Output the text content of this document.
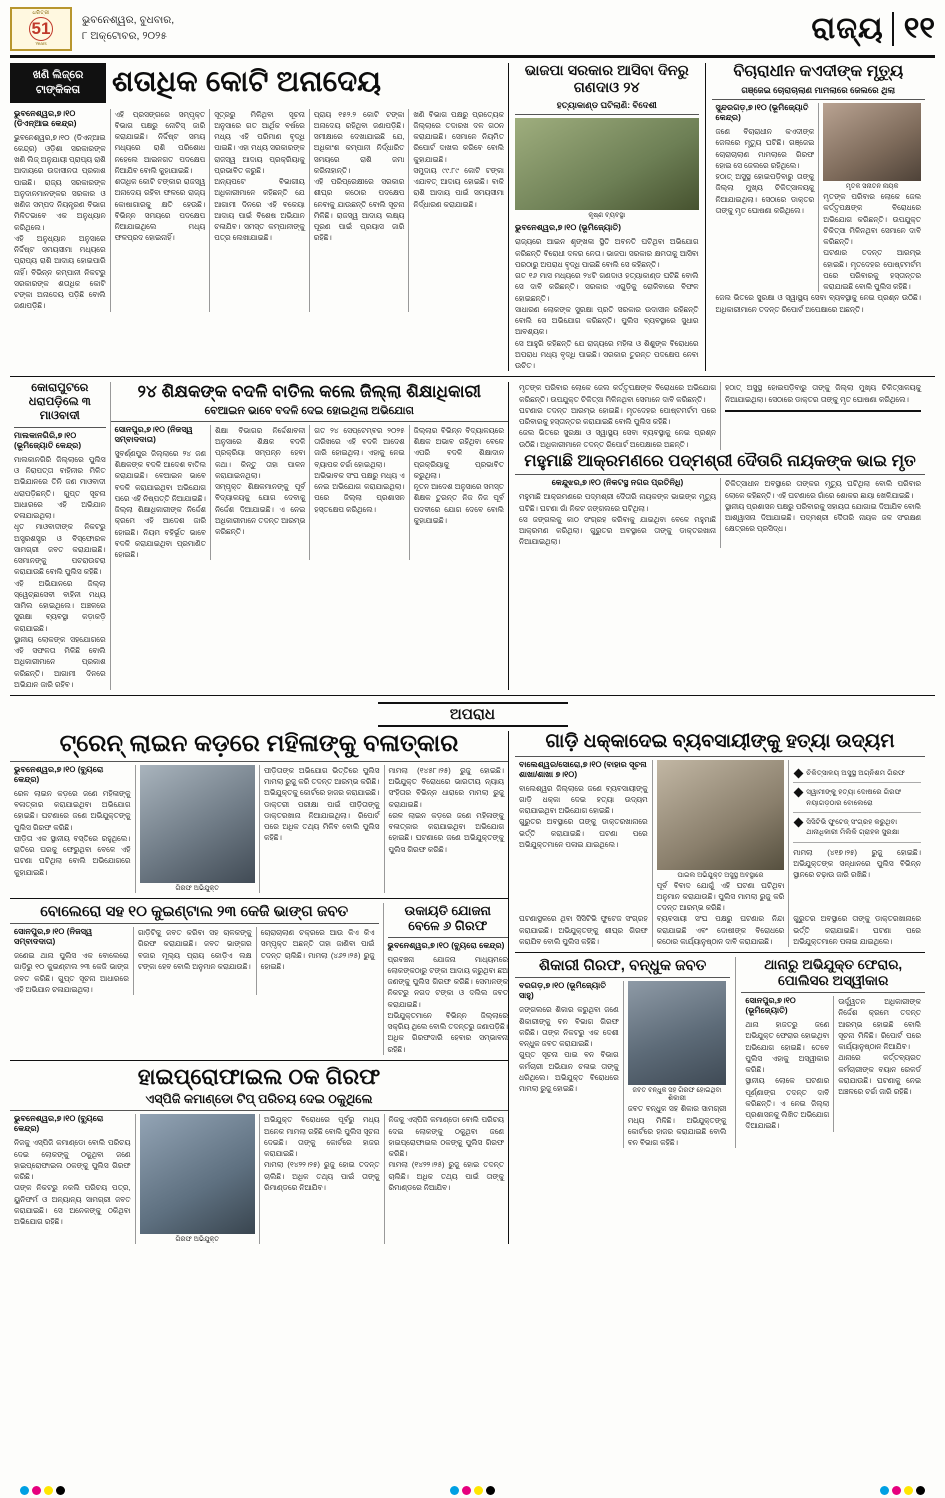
ଧରିତ୍ରୀ
51
Years
ଭୁବନେଶ୍ୱର, ବୁଧବାର,
୮ ଅକ୍ଟୋବର, ୨୦୨୫	ରାଜ୍ୟ ୧୧
ଖଣି ଲିଜ୍‌ରେ ଟାଙ୍କିକତା	ଶତାଧିକ କୋଟି ଅନାଦେୟ
ଭୁବନେଶ୍ୱର,୭।୧୦ (ଡିଏନ୍‌ଆଇ କେନ୍ଦ୍ର)
ଭୁବନେଶ୍ୱର,୭।୧୦ (ଡିଏନ୍‌ଆଇ କେନ୍ଦ୍ର) ଓଡ଼ିଶା ସରକାରଙ୍କ ଖଣି ଲିଜ୍‌ ଅନୁଯାୟୀ ପ୍ରାପ୍ୟ ରାଶି ଆଦାୟରେ ଉଦାସୀନତା ପ୍ରକାଶ ପାଇଛି। ରାଜ୍ୟ ସରକାରଙ୍କ ଅନୁଦାନମାନଙ୍କର ସରକାର ଓ ଖଣିଜ ସମ୍ପଦ ନିୟନ୍ତ୍ରଣ ବିଭାଗ ମିଳିତଭାବେ ଏକ ଅନୁଧ୍ୟାନ କରିଥିଲେ।
ଏହି ଅନୁଧ୍ୟାନ ଅନୁସାରେ ନିର୍ଦ୍ଦିଷ୍ଟ ସମୟସୀମା ମଧ୍ୟରେ ପ୍ରାପ୍ୟ ରାଶି ଆଦାୟ ହୋଇପାରି ନାହିଁ। ବିଭିନ୍ନ କମ୍ପାନୀ ନିକଟରୁ ସରକାରଙ୍କ ଶତାଧିକ କୋଟି ଟଙ୍କା ଅନାଦେୟ ପଡ଼ିଛି ବୋଲି ଜଣାପଡ଼ିଛି।
ଏହି ପ୍ରସଙ୍ଗରେ ସମ୍ପୃକ୍ତ ବିଭାଗ ପକ୍ଷରୁ ନୋଟିସ୍ ଜାରି କରାଯାଇଛି। ନିର୍ଦ୍ଦିଷ୍ଟ ସମୟ ମଧ୍ୟରେ ରାଶି ପରିଶୋଧ ନହେଲେ ଆଇନଗତ ପଦକ୍ଷେପ ନିଆଯିବ ବୋଲି କୁହାଯାଇଛି।
ଶତାଧିକ କୋଟି ଟଙ୍କାର ରାଜସ୍ୱ ଅନାଦେୟ ରହିବା ଫଳରେ ରାଜ୍ୟ କୋଷାଗାରକୁ କ୍ଷତି ହେଉଛି। ବିଭିନ୍ନ ସମୟରେ ପଦକ୍ଷେପ ନିଆଯାଇଥିଲେ ମଧ୍ୟ ଫଳପ୍ରଦ ହୋଇନାହିଁ।
ସୂତ୍ରରୁ ମିଳିଥିବା ସୂଚନା ଅନୁସାରେ ଗତ ଆର୍ଥିକ ବର୍ଷରେ ମଧ୍ୟ ଏହି ପରିମାଣ ବୃଦ୍ଧି ପାଇଛି। ଏହା ମଧ୍ୟ ସରକାରଙ୍କ ରାଜସ୍ୱ ଆଦାୟ ପ୍ରକ୍ରିୟାକୁ ପ୍ରଭାବିତ କରୁଛି।
ଅନ୍ୟପଟେ ବିଭାଗୀୟ ଅଧିକାରୀମାନେ କହିଛନ୍ତି ଯେ ଆଗାମୀ ଦିନରେ ଏହି ବକେୟା ଆଦାୟ ପାଇଁ ବିଶେଷ ଅଭିଯାନ ଚଳାଯିବ। ସମସ୍ତ କମ୍ପାନୀଙ୍କୁ ପତ୍ର ଲେଖାଯାଇଛି।
ପ୍ରାୟ ୧୫୨.୨ କୋଟି ଟଙ୍କା ଅନାଦେୟ ରହିଥିବା ଜଣାପଡ଼ିଛି। ସମୀକ୍ଷାରେ ଦେଖାଯାଇଛି ଯେ, ଅଧିକାଂଶ କମ୍ପାନୀ ନିର୍ଦ୍ଧାରିତ ସମୟରେ ରାଶି ଜମା କରିନାହାନ୍ତି।
ଏହି ପରିପ୍ରେକ୍ଷୀରେ ସରକାର ଶୀଘ୍ର କଠୋର ପଦକ୍ଷେପ ନେବାକୁ ଯାଉଛନ୍ତି ବୋଲି ସୂଚନା ମିଳିଛି। ରାଜସ୍ୱ ଆଦାୟ ଲକ୍ଷ୍ୟ ପୂରଣ ପାଇଁ ପ୍ରୟାସ ଜାରି ରହିଛି।
ଖଣି ବିଭାଗ ପକ୍ଷରୁ ପ୍ରତ୍ୟେକ ଜିଲ୍ଲାରେ ତଦାରଖ ଦଳ ଗଠନ କରାଯାଇଛି। ସେମାନେ ନିୟମିତ ରିପୋର୍ଟ ଦାଖଲ କରିବେ ବୋଲି କୁହାଯାଇଛି।
ସମୁଦାୟ ୯୯.୮୯ କୋଟି ଟଙ୍କା ଏଯାବତ୍ ଆଦାୟ ହୋଇଛି। ବାକି ରାଶି ଆଦାୟ ପାଇଁ ସମୟସୀମା ନିର୍ଦ୍ଧାରଣ କରାଯାଇଛି।
ଭାଜପା ସରକାର ଆସିବା ଦିନରୁ ଗଣଦାଓ ୨୪
ହତ୍ୟାକାଣ୍ଡ ଘଟିଲାଣି: ବିଦେଶୀ
କୃଷ୍ଣ ବ୍ୟବସ୍ଥା
ଭୁବନେଶ୍ୱର,୭।୧୦ (ଭୂମିଜ୍ୟୋତି)
ରାଜ୍ୟରେ ଆଇନ ଶୃଙ୍ଖଳା ସ୍ଥିତି ଅବନତି ଘଟିଥିବା ଅଭିଯୋଗ କରିଛନ୍ତି ବିରୋଧୀ ଦଳର ନେତା। ଭାଜପା ସରକାର କ୍ଷମତାକୁ ଆସିବା ପରଠାରୁ ଅପରାଧ ବୃଦ୍ଧି ପାଇଛି ବୋଲି ସେ କହିଛନ୍ତି।
ଗତ ୧୬ ମାସ ମଧ୍ୟରେ ୨୪ଟି ଗଣଦାଓ ହତ୍ୟାକାଣ୍ଡ ଘଟିଛି ବୋଲି ସେ ଦାବି କରିଛନ୍ତି। ସରକାର ଏଗୁଡ଼ିକୁ ରୋକିବାରେ ବିଫଳ ହୋଇଛନ୍ତି।
ସାଧାରଣ ଲୋକଙ୍କ ସୁରକ୍ଷା ପ୍ରତି ସରକାର ଉଦାସୀନ ରହିଛନ୍ତି ବୋଲି ସେ ଅଭିଯୋଗ କରିଛନ୍ତି। ପୁଲିସ ବ୍ୟବସ୍ଥାରେ ସୁଧାର ଆବଶ୍ୟକ।
ସେ ଆହୁରି କହିଛନ୍ତି ଯେ ରାଜ୍ୟରେ ମହିଳା ଓ ଶିଶୁଙ୍କ ବିରୋଧରେ ଅପରାଧ ମଧ୍ୟ ବୃଦ୍ଧି ପାଇଛି। ସରକାର ତୁରନ୍ତ ପଦକ୍ଷେପ ନେବା ଉଚିତ।
ବିଚାରାଧୀନ କଏଦୀଙ୍କ ମୃତ୍ୟୁ
ଗଞ୍ଜେଇ ଚୋରାଚାଲାଣ ମାମଲାରେ ଜେଲରେ ଥିଲା
ସୁନ୍ଦରଗଡ଼,୭।୧୦ (ଭୂମିଜ୍ୟୋତି କେନ୍ଦ୍ର)
ଜଣେ ବିଚାରାଧୀନ କଏଦୀଙ୍କ ଜେଲରେ ମୃତ୍ୟୁ ଘଟିଛି। ଗଞ୍ଜେଇ ଚୋରାଚାଲାଣ ମାମଲାରେ ଗିରଫ ହୋଇ ସେ ଜେଲରେ ରହିଥିଲେ।
ହଠାତ୍ ଅସୁସ୍ଥ ହୋଇପଡ଼ିବାରୁ ତାଙ୍କୁ ଜିଲ୍ଲା ମୁଖ୍ୟ ଚିକିତ୍ସାଳୟକୁ ନିଆଯାଇଥିଲା। ସେଠାରେ ଡାକ୍ତର ତାଙ୍କୁ ମୃତ ଘୋଷଣା କରିଥିଲେ।
ମୃତକ ସନାତନ ନାୟକ
ମୃତଙ୍କ ପରିବାର ଲୋକେ ଜେଲ କର୍ତ୍ତୃପକ୍ଷଙ୍କ ବିରୋଧରେ ଅଭିଯୋଗ କରିଛନ୍ତି। ଉପଯୁକ୍ତ ଚିକିତ୍ସା ମିଳିନଥିବା ସେମାନେ ଦାବି କରିଛନ୍ତି।
ଘଟଣାର ତଦନ୍ତ ଆରମ୍ଭ ହୋଇଛି। ମୃତଦେହର ପୋଷ୍ଟମର୍ଟମ ପରେ ପରିବାରକୁ ହସ୍ତାନ୍ତର କରାଯାଇଛି ବୋଲି ପୁଲିସ କହିଛି।
ଜେଲ ଭିତରେ ସୁରକ୍ଷା ଓ ସ୍ୱାସ୍ଥ୍ୟ ସେବା ବ୍ୟବସ୍ଥାକୁ ନେଇ ପ୍ରଶ୍ନ ଉଠିଛି। ଅଧିକାରୀମାନେ ତଦନ୍ତ ରିପୋର୍ଟ ଅପେକ୍ଷାରେ ଅଛନ୍ତି।
କୋରାପୁଟରେ ଧରାପଡ଼ିଲେ ୩ ମାଓବାଦୀ
ମାଲକାନଗିରି,୭।୧୦ (ଭୂମିଜ୍ୟୋତି କେନ୍ଦ୍ର)
ମାଲକାନଗିରି ଜିଲ୍ଲାରେ ପୁଲିସ ଓ ନିରାପତ୍ତା ବାହିନୀର ମିଳିତ ଅଭିଯାନରେ ତିନି ଜଣ ମାଓବାଦୀ ଧରାପଡ଼ିଛନ୍ତି। ଗୁପ୍ତ ସୂଚନା ଆଧାରରେ ଏହି ଅଭିଯାନ ଚଳାଯାଇଥିଲା।
ଧୃତ ମାଓବାଦୀଙ୍କ ନିକଟରୁ ଅସ୍ତ୍ରଶସ୍ତ୍ର ଓ ବିସ୍ଫୋରକ ସାମଗ୍ରୀ ଜବତ କରାଯାଇଛି। ସେମାନଙ୍କୁ ପଚରାଉଚରା କରାଯାଉଛି ବୋଲି ପୁଲିସ କହିଛି।
ଏହି ଅଭିଯାନରେ ଜିଲ୍ଲା ସ୍ୱେଚ୍ଛାସେବୀ ବାହିନୀ ମଧ୍ୟ ସାମିଲ ହୋଇଥିଲେ। ଅଞ୍ଚଳରେ ସୁରକ୍ଷା ବ୍ୟବସ୍ଥା କଡ଼ାକଡ଼ି କରାଯାଇଛି।
ସ୍ଥାନୀୟ ଲୋକଙ୍କ ସହଯୋଗରେ ଏହି ସଫଳତା ମିଳିଛି ବୋଲି ଅଧିକାରୀମାନେ ପ୍ରକାଶ କରିଛନ୍ତି। ଆଗାମୀ ଦିନରେ ଅଭିଯାନ ଜାରି ରହିବ।
୨୪ ଶିକ୍ଷକଙ୍କ ବଦଳି ବାତିଲ କଲେ ଜିଲ୍ଲା ଶିକ୍ଷାଧିକାରୀ
ବେଆଇନ ଭାବେ ବଦଳି ଦେଇ ହୋଇଥିଲା ଅଭିଯୋଗ
ସୋନପୁର,୭।୧୦ (ନିଜସ୍ୱ ସମ୍ବାଦଦାତା)
ସୁବର୍ଣ୍ଣପୁର ଜିଲ୍ଲାରେ ୨୪ ଜଣ ଶିକ୍ଷକଙ୍କ ବଦଳି ଆଦେଶ ବାତିଲ କରାଯାଇଛି। ବେଆଇନ ଭାବେ ବଦଳି କରାଯାଇଥିବା ଅଭିଯୋଗ ପରେ ଏହି ନିଷ୍ପତ୍ତି ନିଆଯାଇଛି।
ଜିଲ୍ଲା ଶିକ୍ଷାଧିକାରୀଙ୍କ ନିର୍ଦ୍ଦେଶ କ୍ରମେ ଏହି ଆଦେଶ ଜାରି ହୋଇଛି। ନିୟମ ବହିର୍ଭୂତ ଭାବେ ବଦଳି କରାଯାଇଥିବା ପ୍ରମାଣିତ ହୋଇଛି।
ଶିକ୍ଷା ବିଭାଗର ନିର୍ଦ୍ଦେଶାବଳୀ ଅନୁସାରେ ଶିକ୍ଷକ ବଦଳି ପ୍ରକ୍ରିୟା ସମ୍ପନ୍ନ ହେବା କଥା। କିନ୍ତୁ ତାହା ପାଳନ କରାଯାଇନଥିଲା।
ସମ୍ପୃକ୍ତ ଶିକ୍ଷକମାନଙ୍କୁ ପୂର୍ବ ବିଦ୍ୟାଳୟକୁ ଯୋଗ ଦେବାକୁ ନିର୍ଦ୍ଦେଶ ଦିଆଯାଇଛି। ଏ ନେଇ ଅଧିକାରୀମାନେ ତଦନ୍ତ ଆରମ୍ଭ କରିଛନ୍ତି।
ଗତ ୨୪ ସେପ୍ଟେମ୍ବର ୨୦୨୫ ତାରିଖରେ ଏହି ବଦଳି ଆଦେଶ ଜାରି ହୋଇଥିଲା। ଏହାକୁ ନେଇ ବ୍ୟାପକ ଚର୍ଚ୍ଚା ହୋଇଥିଲା।
ଅଭିଭାବକ ସଂଘ ପକ୍ଷରୁ ମଧ୍ୟ ଏ ନେଇ ଅଭିଯୋଗ କରାଯାଇଥିଲା। ପରେ ଜିଲ୍ଲା ପ୍ରଶାସନ ହସ୍ତକ୍ଷେପ କରିଥିଲେ।
ଜିଲ୍ଲାର ବିଭିନ୍ନ ବିଦ୍ୟାଳୟରେ ଶିକ୍ଷକ ଅଭାବ ରହିଥିବା ବେଳେ ଏପରି ବଦଳି ଶିକ୍ଷାଦାନ ପ୍ରକ୍ରିୟାକୁ ପ୍ରଭାବିତ କରୁଥିଲା।
ନୂତନ ଆଦେଶ ଅନୁସାରେ ସମସ୍ତ ଶିକ୍ଷକ ତୁରନ୍ତ ନିଜ ନିଜ ପୂର୍ବ ପଦବୀରେ ଯୋଗ ଦେବେ ବୋଲି କୁହାଯାଇଛି।
ମୃତଙ୍କ ପରିବାର ଲୋକେ ଜେଲ କର୍ତ୍ତୃପକ୍ଷଙ୍କ ବିରୋଧରେ ଅଭିଯୋଗ କରିଛନ୍ତି। ଉପଯୁକ୍ତ ଚିକିତ୍ସା ମିଳିନଥିବା ସେମାନେ ଦାବି କରିଛନ୍ତି।
ଘଟଣାର ତଦନ୍ତ ଆରମ୍ଭ ହୋଇଛି। ମୃତଦେହର ପୋଷ୍ଟମର୍ଟମ ପରେ ପରିବାରକୁ ହସ୍ତାନ୍ତର କରାଯାଇଛି ବୋଲି ପୁଲିସ କହିଛି।
ଜେଲ ଭିତରେ ସୁରକ୍ଷା ଓ ସ୍ୱାସ୍ଥ୍ୟ ସେବା ବ୍ୟବସ୍ଥାକୁ ନେଇ ପ୍ରଶ୍ନ ଉଠିଛି। ଅଧିକାରୀମାନେ ତଦନ୍ତ ରିପୋର୍ଟ ଅପେକ୍ଷାରେ ଅଛନ୍ତି।
ହଠାତ୍ ଅସୁସ୍ଥ ହୋଇପଡ଼ିବାରୁ ତାଙ୍କୁ ଜିଲ୍ଲା ମୁଖ୍ୟ ଚିକିତ୍ସାଳୟକୁ ନିଆଯାଇଥିଲା। ସେଠାରେ ଡାକ୍ତର ତାଙ୍କୁ ମୃତ ଘୋଷଣା କରିଥିଲେ।
ମହୁମାଛି ଆକ୍ରମଣରେ ପଦ୍ମଶ୍ରୀ ଦୈତାରି ନାୟକଙ୍କ ଭାଇ ମୃତ
କେନ୍ଦୁଝର,୭।୧୦ (ନିକଟସ୍ଥ ନଗର ପ୍ରତିନିଧି)
ମହୁମାଛି ଆକ୍ରମଣରେ ପଦ୍ମଶ୍ରୀ ଦୈତାରି ନାୟକଙ୍କ ଭାଇଙ୍କ ମୃତ୍ୟୁ ଘଟିଛି। ଘଟଣା ଗାଁ ନିକଟ ଜଙ୍ଗଲରେ ଘଟିଥିଲା।
ସେ ଜଙ୍ଗଲକୁ କାଠ ସଂଗ୍ରହ କରିବାକୁ ଯାଇଥିବା ବେଳେ ମହୁମାଛି ଆକ୍ରମଣ କରିଥିଲା। ଗୁରୁତର ଅବସ୍ଥାରେ ତାଙ୍କୁ ଡାକ୍ତରଖାନା ନିଆଯାଇଥିଲା।
ଚିକିତ୍ସାଧୀନ ଅବସ୍ଥାରେ ତାଙ୍କର ମୃତ୍ୟୁ ଘଟିଥିଲା ବୋଲି ପରିବାର ଲୋକେ କହିଛନ୍ତି। ଏହି ଘଟଣାରେ ଗାଁରେ ଶୋକର ଛାୟା ଖେଳିଯାଇଛି।
ସ୍ଥାନୀୟ ପ୍ରଶାସନ ପକ୍ଷରୁ ପରିବାରକୁ ସହାୟତା ଯୋଗାଇ ଦିଆଯିବ ବୋଲି ଆଶ୍ୱାସନା ଦିଆଯାଇଛି। ପଦ୍ମଶ୍ରୀ ଦୈତାରି ନାୟକ ଜଳ ସଂରକ୍ଷଣ କ୍ଷେତ୍ରରେ ପ୍ରସିଦ୍ଧ।
ଅପରାଧ
ଟ୍ରେନ୍ ଲାଇନ କଡ଼ରେ ମହିଳାଙ୍କୁ ବଳାତ୍କାର
ଭୁବନେଶ୍ୱର,୭।୧୦ (ବ୍ୟୁରୋ କେନ୍ଦ୍ର)
ରେଳ ଲାଇନ କଡ଼ରେ ଜଣେ ମହିଳାଙ୍କୁ ବଳାତ୍କାର କରାଯାଇଥିବା ଅଭିଯୋଗ ହୋଇଛି। ଘଟଣାରେ ଜଣେ ଅଭିଯୁକ୍ତଙ୍କୁ ପୁଲିସ ଗିରଫ କରିଛି।
ପୀଡ଼ିତା ଏକ ସ୍ଥାନୀୟ ବସ୍ତିରେ ରହୁଥିଲେ। ରାତିରେ ଘରକୁ ଫେରୁଥିବା ବେଳେ ଏହି ଘଟଣା ଘଟିଥିଲା ବୋଲି ଅଭିଯୋଗରେ କୁହାଯାଇଛି।
ଗିରଫ ଅଭିଯୁକ୍ତ
ପୀଡ଼ିତାଙ୍କ ଅଭିଯୋଗ ଭିତ୍ତିରେ ପୁଲିସ ମାମଲା ରୁଜୁ କରି ତଦନ୍ତ ଆରମ୍ଭ କରିଛି। ଅଭିଯୁକ୍ତକୁ କୋର୍ଟରେ ହାଜର କରାଯାଇଛି।
ଡାକ୍ତରୀ ପରୀକ୍ଷା ପାଇଁ ପୀଡ଼ିତାଙ୍କୁ ଡାକ୍ତରଖାନା ନିଆଯାଇଥିଲା। ରିପୋର୍ଟ ପରେ ଅଧିକ ତଥ୍ୟ ମିଳିବ ବୋଲି ପୁଲିସ କହିଛି।
ମାମଲା (୧୪୫୮।୨୫) ରୁଜୁ ହୋଇଛି। ଅଭିଯୁକ୍ତ ବିରୋଧରେ ଭାରତୀୟ ନ୍ୟାୟ ସଂହିତାର ବିଭିନ୍ନ ଧାରାରେ ମାମଲା ରୁଜୁ କରାଯାଇଛି।
ରେଳ ଲାଇନ କଡ଼ରେ ଜଣେ ମହିଳାଙ୍କୁ ବଳାତ୍କାର କରାଯାଇଥିବା ଅଭିଯୋଗ ହୋଇଛି। ଘଟଣାରେ ଜଣେ ଅଭିଯୁକ୍ତଙ୍କୁ ପୁଲିସ ଗିରଫ କରିଛି।
ବୋଲେରୋ ସହ ୧୦ କୁଇଣ୍ଟାଲ ୨୩ କେଜି ଭାଙ୍ଗ ଜବତ
ସୋନପୁର,୭।୧୦ (ନିଜସ୍ୱ ସମ୍ବାଦଦାତା)
ଜଣେଇ ଥାନା ପୁଲିସ ଏକ ବୋଲେରୋ ଗାଡ଼ିରୁ ୧୦ କୁଇଣ୍ଟାଲ ୨୩ କେଜି ଭାଙ୍ଗ ଜବତ କରିଛି। ଗୁପ୍ତ ସୂଚନା ଆଧାରରେ ଏହି ଅଭିଯାନ ଚଳାଯାଇଥିଲା।
ଗାଡ଼ିଟିକୁ ଜବତ କରିବା ସହ ଚାଳକଙ୍କୁ ଗିରଫ କରାଯାଇଛି। ଜବତ ଭାଙ୍ଗର ବଜାର ମୂଲ୍ୟ ପ୍ରାୟ କୋଡ଼ିଏ ଲକ୍ଷ ଟଙ୍କା ହେବ ବୋଲି ଅନୁମାନ କରାଯାଉଛି।
ଚୋରାଚାଲାଣ ଚକ୍ରରେ ଆଉ କିଏ କିଏ ସମ୍ପୃକ୍ତ ଅଛନ୍ତି ତାହା ଜାଣିବା ପାଇଁ ତଦନ୍ତ ଚାଲିଛି। ମାମଲା (୪୬୨।୨୫) ରୁଜୁ ହୋଇଛି।
ଉକାୟତି ଯୋଜନା ବେଳେ ୬ ଗିରଫ
ଭୁବନେଶ୍ୱର,୭।୧୦ (ବ୍ୟୁରୋ କେନ୍ଦ୍ର)
ପ୍ରବଞ୍ଚନା ଯୋଜନା ମାଧ୍ୟମରେ ଲୋକଙ୍କଠାରୁ ଟଙ୍କା ଆଦାୟ କରୁଥିବା ଛଅ ଜଣଙ୍କୁ ପୁଲିସ ଗିରଫ କରିଛି। ସେମାନଙ୍କ ନିକଟରୁ ନଗଦ ଟଙ୍କା ଓ ଦଲିଲ ଜବତ କରାଯାଇଛି।
ଅଭିଯୁକ୍ତମାନେ ବିଭିନ୍ନ ଜିଲ୍ଲାରେ ସକ୍ରିୟ ଥିଲେ ବୋଲି ତଦନ୍ତରୁ ଜଣାପଡ଼ିଛି। ଅଧିକ ଗିରଫଦାରି ହେବାର ସମ୍ଭାବନା ରହିଛି।
ହାଇପ୍ରୋଫାଇଲ ଠକ ଗିରଫ
ଏସ୍‌ପିଜି କମାଣ୍ଡୋ ଟିପ୍ ପରିଚୟ ଦେଇ ଠକୁଥିଲେ
ଭୁବନେଶ୍ୱର,୭।୧୦ (ବ୍ୟୁରୋ କେନ୍ଦ୍ର)
ନିଜକୁ ଏସ୍‌ପିଜି କମାଣ୍ଡୋ ବୋଲି ପରିଚୟ ଦେଇ ଲୋକଙ୍କୁ ଠକୁଥିବା ଜଣେ ହାଇପ୍ରୋଫାଇଲ ଠକଙ୍କୁ ପୁଲିସ ଗିରଫ କରିଛି।
ତାଙ୍କ ନିକଟରୁ ନକଲି ପରିଚୟ ପତ୍ର, ୟୁନିଫର୍ମ ଓ ଅନ୍ୟାନ୍ୟ ସାମଗ୍ରୀ ଜବତ କରାଯାଇଛି। ସେ ଅନେକଙ୍କୁ ଠକିଥିବା ଅଭିଯୋଗ ରହିଛି।
ଗିରଫ ଅଭିଯୁକ୍ତ
ଅଭିଯୁକ୍ତ ବିରୋଧରେ ପୂର୍ବରୁ ମଧ୍ୟ ଅନେକ ମାମଲା ରହିଛି ବୋଲି ପୁଲିସ ସୂଚନା ଦେଇଛି। ତାଙ୍କୁ କୋର୍ଟରେ ହାଜର କରାଯାଇଛି।
ମାମଲା (୧୪୨୨।୨୫) ରୁଜୁ ହୋଇ ତଦନ୍ତ ଚାଲିଛି। ଅଧିକ ତଥ୍ୟ ପାଇଁ ତାଙ୍କୁ ରିମାଣ୍ଡରେ ନିଆଯିବ।
ନିଜକୁ ଏସ୍‌ପିଜି କମାଣ୍ଡୋ ବୋଲି ପରିଚୟ ଦେଇ ଲୋକଙ୍କୁ ଠକୁଥିବା ଜଣେ ହାଇପ୍ରୋଫାଇଲ ଠକଙ୍କୁ ପୁଲିସ ଗିରଫ କରିଛି।
ମାମଲା (୧୪୨୨।୨୫) ରୁଜୁ ହୋଇ ତଦନ୍ତ ଚାଲିଛି। ଅଧିକ ତଥ୍ୟ ପାଇଁ ତାଙ୍କୁ ରିମାଣ୍ଡରେ ନିଆଯିବ।
ଗାଡ଼ି ଧକ୍କାଦେଇ ବ୍ୟବସାୟୀଙ୍କୁ ହତ୍ୟା ଉଦ୍ୟମ
ବାଲେଶ୍ୱର/ସୋରୋ,୭।୧୦ (ବାହାର ସୂଚନା ଶାଖା/ଶାଖା ୭।୧୦)
ବାଲେଶ୍ୱର ଜିଲ୍ଲାରେ ଜଣେ ବ୍ୟବସାୟୀଙ୍କୁ ଗାଡ଼ି ଧକ୍କା ଦେଇ ହତ୍ୟା ଉଦ୍ୟମ କରାଯାଇଥିବା ଅଭିଯୋଗ ହୋଇଛି।
ଗୁରୁତର ଅବସ୍ଥାରେ ତାଙ୍କୁ ଡାକ୍ତରଖାନାରେ ଭର୍ତ୍ତି କରାଯାଇଛି। ଘଟଣା ପରେ ଅଭିଯୁକ୍ତମାନେ ପଳାଇ ଯାଇଥିଲେ।
ଘାଇଲ ଅଭିଯୁକ୍ତ ଅସୁସ୍ଥ ଅବସ୍ଥାରେ
ପୂର୍ବ ବିବାଦ ଯୋଗୁଁ ଏହି ଘଟଣା ଘଟିଥିବା ଅନୁମାନ କରାଯାଉଛି। ପୁଲିସ ମାମଲା ରୁଜୁ କରି ତଦନ୍ତ ଆରମ୍ଭ କରିଛି।
ଚିକିତ୍ସାଳୟ ଅସୁସ୍ଥ ଅଗ୍ନିଶମ ଗିରଫ
ସ୍ୱାମୀଙ୍କୁ ହତ୍ୟା ଦୋଷରେ ଗିରଫ ନୟାଗଡ଼ଠାର ବୋଲେରୋ
ସିସିଟିଭି ଫୁଟେଜ୍ ସଂଗ୍ରହ କରୁଥିବା ଥାନାଧିକାରୀ ମିଲିକି ଗ୍ରାହକ ସୁରକ୍ଷା
ମାମଲା (୪୧୭।୨୫) ରୁଜୁ ହୋଇଛି। ଅଭିଯୁକ୍ତଙ୍କ ସନ୍ଧାନରେ ପୁଲିସ ବିଭିନ୍ନ ସ୍ଥାନରେ ଚଢ଼ାଉ ଜାରି ରଖିଛି।
ଘଟଣାସ୍ଥଳରେ ଥିବା ସିସିଟିଭି ଫୁଟେଜ ସଂଗ୍ରହ କରାଯାଇଛି। ଅଭିଯୁକ୍ତଙ୍କୁ ଶୀଘ୍ର ଗିରଫ କରାଯିବ ବୋଲି ପୁଲିସ କହିଛି।
ବ୍ୟବସାୟୀ ସଂଘ ପକ୍ଷରୁ ଘଟଣାର ନିନ୍ଦା କରାଯାଇଛି ଏବଂ ଦୋଷୀଙ୍କ ବିରୋଧରେ କଠୋର କାର୍ଯ୍ୟାନୁଷ୍ଠାନ ଦାବି କରାଯାଇଛି।
ଗୁରୁତର ଅବସ୍ଥାରେ ତାଙ୍କୁ ଡାକ୍ତରଖାନାରେ ଭର୍ତ୍ତି କରାଯାଇଛି। ଘଟଣା ପରେ ଅଭିଯୁକ୍ତମାନେ ପଳାଇ ଯାଇଥିଲେ।
ଶିକାରୀ ଗିରଫ, ବନ୍ଧୁକ ଜବତ
ବରଗଡ଼,୭।୧୦ (ଭୂମିଜ୍ୟୋତି ସାହୁ)
ଜଙ୍ଗଲରେ ଶିକାର କରୁଥିବା ଜଣେ ଶିକାରୀଙ୍କୁ ବନ ବିଭାଗ ଗିରଫ କରିଛି। ତାଙ୍କ ନିକଟରୁ ଏକ ଦେଶୀ ବନ୍ଧୁକ ଜବତ କରାଯାଇଛି।
ଗୁପ୍ତ ସୂଚନା ପାଇ ବନ ବିଭାଗ କର୍ମଚାରୀ ଅଭିଯାନ ଚଳାଇ ତାଙ୍କୁ ଧରିଥିଲେ। ଅଭିଯୁକ୍ତ ବିରୋଧରେ ମାମଲା ରୁଜୁ ହୋଇଛି।	ଜବତ ବନ୍ଧୁକ ସହ ଗିରଫ ହୋଇଥିବା ଶିକାରୀ
ଜବତ ବନ୍ଧୁକ ସହ ଶିକାର ସାମଗ୍ରୀ ମଧ୍ୟ ମିଳିଛି। ଅଭିଯୁକ୍ତଙ୍କୁ କୋର୍ଟରେ ହାଜର କରାଯାଇଛି ବୋଲି ବନ ବିଭାଗ କହିଛି।
ଥାନାରୁ ଅଭିଯୁକ୍ତ ଫେରାର, ପୋଲିସର ଅସ୍ୱୀକାର
ସୋନପୁର,୭।୧୦ (ଭୂମିଜ୍ୟୋତି)
ଥାନା ହାଜତରୁ ଜଣେ ଅଭିଯୁକ୍ତ ଫେରାର ହୋଇଥିବା ଅଭିଯୋଗ ହୋଇଛି। ତେବେ ପୁଲିସ ଏହାକୁ ଅସ୍ୱୀକାର କରିଛି।
ସ୍ଥାନୀୟ ଲୋକେ ଘଟଣାର ପୂର୍ଣ୍ଣାଙ୍ଗ ତଦନ୍ତ ଦାବି କରିଛନ୍ତି। ଏ ନେଇ ଜିଲ୍ଲା ପ୍ରଶାସନକୁ ଲିଖିତ ଅଭିଯୋଗ ଦିଆଯାଇଛି।
ଊର୍ଦ୍ଧ୍ୱତନ ଅଧିକାରୀଙ୍କ ନିର୍ଦ୍ଦେଶ କ୍ରମେ ତଦନ୍ତ ଆରମ୍ଭ ହୋଇଛି ବୋଲି ସୂଚନା ମିଳିଛି। ରିପୋର୍ଟ ପରେ କାର୍ଯ୍ୟାନୁଷ୍ଠାନ ନିଆଯିବ।
ଥାନାରେ କର୍ତ୍ତବ୍ୟରତ କର୍ମଚାରୀଙ୍କ ବୟାନ ରେକର୍ଡ କରାଯାଉଛି। ଘଟଣାକୁ ନେଇ ଅଞ୍ଚଳରେ ଚର୍ଚ୍ଚା ଜାରି ରହିଛି।
